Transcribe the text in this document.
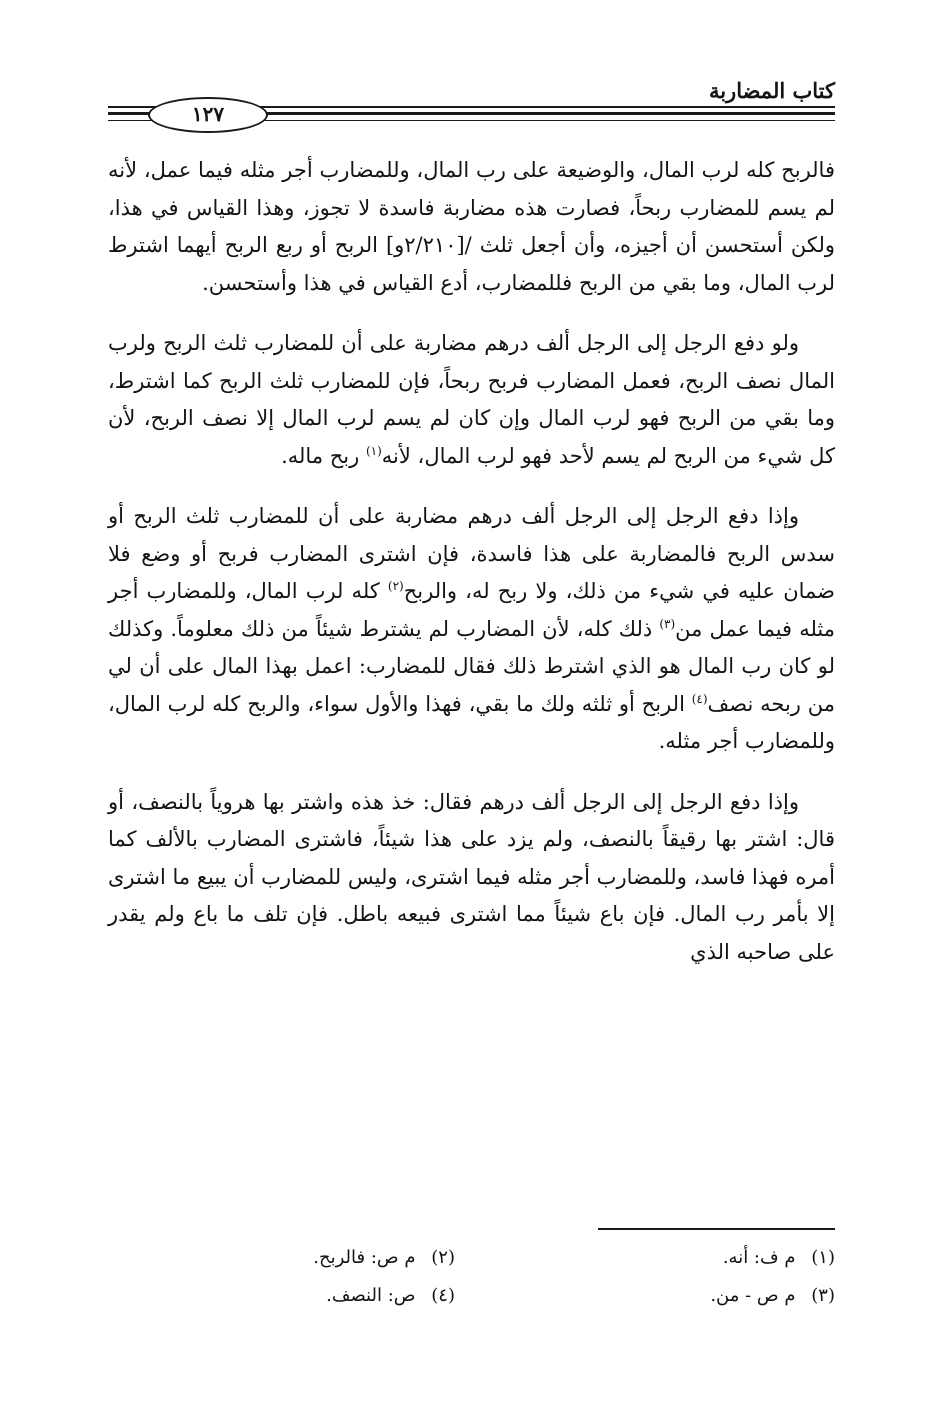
كتاب المضاربة
١٢٧

فالربح كله لرب المال، والوضيعة على رب المال، وللمضارب أجر مثله فيما عمل، لأنه لم يسم للمضارب ربحاً، فصارت هذه مضاربة فاسدة لا تجوز، وهذا القياس في هذا، ولكن أستحسن أن أجيزه، وأن أجعل ثلث /[٢/٢١٠و] الربح أو ربع الربح أيهما اشترط لرب المال، وما بقي من الربح فللمضارب، أدع القياس في هذا وأستحسن.

ولو دفع الرجل إلى الرجل ألف درهم مضاربة على أن للمضارب ثلث الربح ولرب المال نصف الربح، فعمل المضارب فربح ربحاً، فإن للمضارب ثلث الربح كما اشترط، وما بقي من الربح فهو لرب المال وإن كان لم يسم لرب المال إلا نصف الربح، لأن كل شيء من الربح لم يسم لأحد فهو لرب المال، لأنه$^{(١)}$ ربح ماله.

وإذا دفع الرجل إلى الرجل ألف درهم مضاربة على أن للمضارب ثلث الربح أو سدس الربح فالمضاربة على هذا فاسدة، فإن اشترى المضارب فربح أو وضع فلا ضمان عليه في شيء من ذلك، ولا ربح له، والربح$^{(٢)}$ كله لرب المال، وللمضارب أجر مثله فيما عمل من$^{(٣)}$ ذلك كله، لأن المضارب لم يشترط شيئاً من ذلك معلوماً. وكذلك لو كان رب المال هو الذي اشترط ذلك فقال للمضارب: اعمل بهذا المال على أن لي من ربحه نصف$^{(٤)}$ الربح أو ثلثه ولك ما بقي، فهذا والأول سواء، والربح كله لرب المال، وللمضارب أجر مثله.

وإذا دفع الرجل إلى الرجل ألف درهم فقال: خذ هذه واشتر بها هروياً بالنصف، أو قال: اشتر بها رقيقاً بالنصف، ولم يزد على هذا شيئاً، فاشترى المضارب بالألف كما أمره فهذا فاسد، وللمضارب أجر مثله فيما اشترى، وليس للمضارب أن يبيع ما اشترى إلا بأمر رب المال. فإن باع شيئاً مما اشترى فبيعه باطل. فإن تلف ما باع ولم يقدر على صاحبه الذي

(١) م ف: أنه.
(٢) م ص: فالربح.
(٣) م ص - من.
(٤) ص: النصف.
